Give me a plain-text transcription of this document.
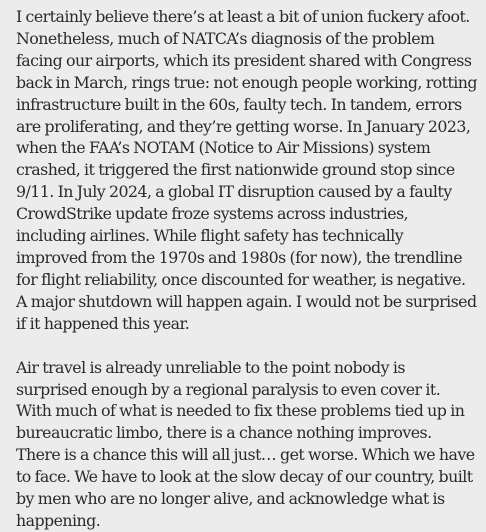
I certainly believe there’s at least a bit of union fuckery afoot. Nonetheless, much of NATCA’s diagnosis of the problem facing our airports, which its president shared with Congress back in March, rings true: not enough people working, rotting infrastructure built in the 60s, faulty tech. In tandem, errors are proliferating, and they’re getting worse. In January 2023, when the FAA’s NOTAM (Notice to Air Missions) system crashed, it triggered the first nationwide ground stop since 9/11. In July 2024, a global IT disruption caused by a faulty CrowdStrike update froze systems across industries, including airlines. While flight safety has technically improved from the 1970s and 1980s (for now), the trendline for flight reliability, once discounted for weather, is negative. A major shutdown will happen again. I would not be surprised if it happened this year.

Air travel is already unreliable to the point nobody is surprised enough by a regional paralysis to even cover it. With much of what is needed to fix these problems tied up in bureaucratic limbo, there is a chance nothing improves. There is a chance this will all just… get worse. Which we have to face. We have to look at the slow decay of our country, built by men who are no longer alive, and acknowledge what is happening.
